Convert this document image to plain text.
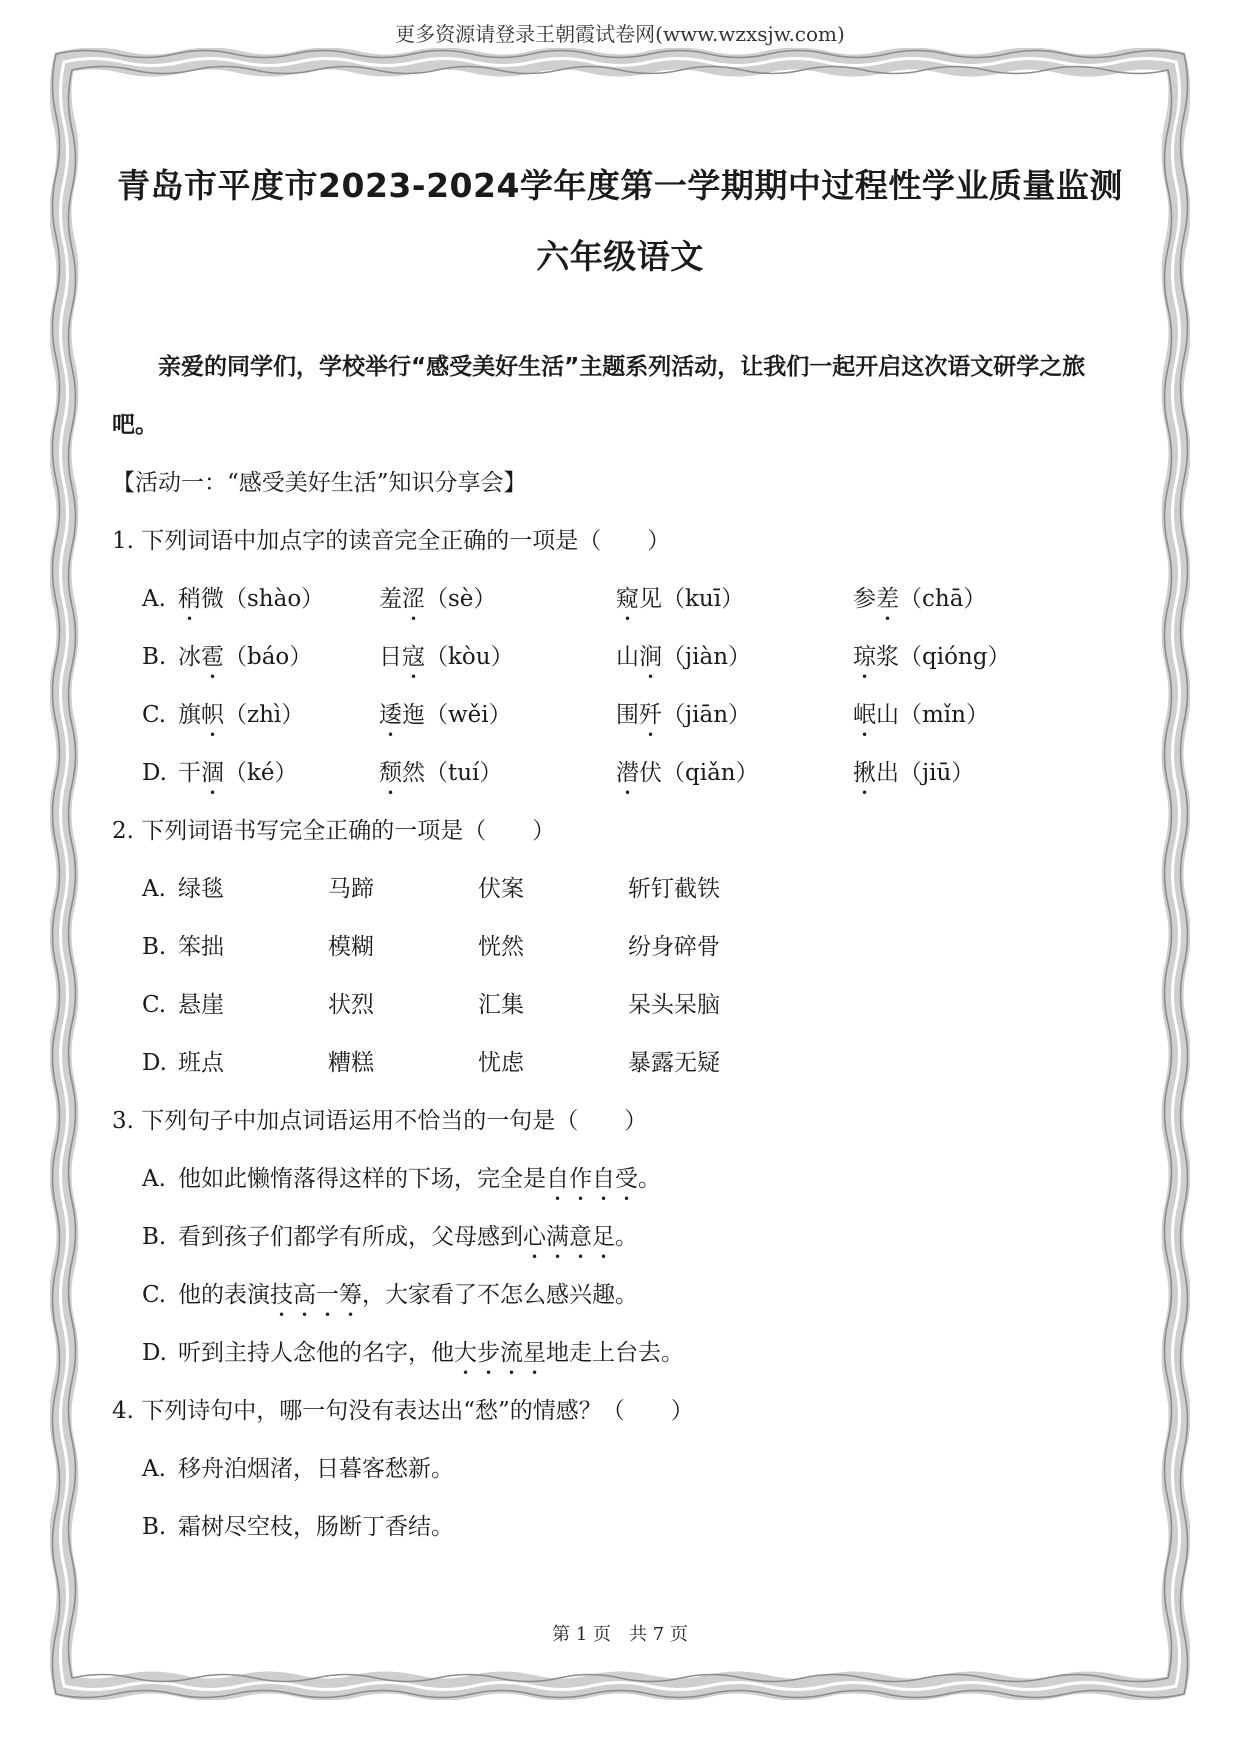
更多资源请登录王朝霞试卷网(www.wzxsjw.com)
青岛市平度市2023-2024学年度第一学期期中过程性学业质量监测
六年级语文
亲爱的同学们，学校举行“感受美好生活”主题系列活动，让我们一起开启这次语文研学之旅吧。
【活动一：“感受美好生活”知识分享会】
1. 下列词语中加点字的读音完全正确的一项是（　　）
A. 稍微（shào）	羞涩（sè）	窥见（kuī）	参差（chā）
B. 冰雹（báo）	日寇（kòu）	山涧（jiàn）	琼浆（qióng）
C. 旗帜（zhì）	逶迤（wěi）	围歼（jiān）	岷山（mǐn）
D. 干涸（ké）	颓然（tuí）	潜伏（qiǎn）	揪出（jiū）
2. 下列词语书写完全正确的一项是（　　）
A. 绿毯	马蹄	伏案	斩钉截铁
B. 笨拙	模糊	恍然	纷身碎骨
C. 悬崖	状烈	汇集	呆头呆脑
D. 班点	糟糕	忧虑	暴露无疑
3. 下列句子中加点词语运用不恰当的一句是（　　）
A. 他如此懒惰落得这样的下场，完全是自作自受。
B. 看到孩子们都学有所成，父母感到心满意足。
C. 他的表演技高一筹，大家看了不怎么感兴趣。
D. 听到主持人念他的名字，他大步流星地走上台去。
4. 下列诗句中，哪一句没有表达出“愁”的情感？（　　）
A. 移舟泊烟渚，日暮客愁新。
B. 霜树尽空枝，肠断丁香结。
第 1 页　共 7 页
